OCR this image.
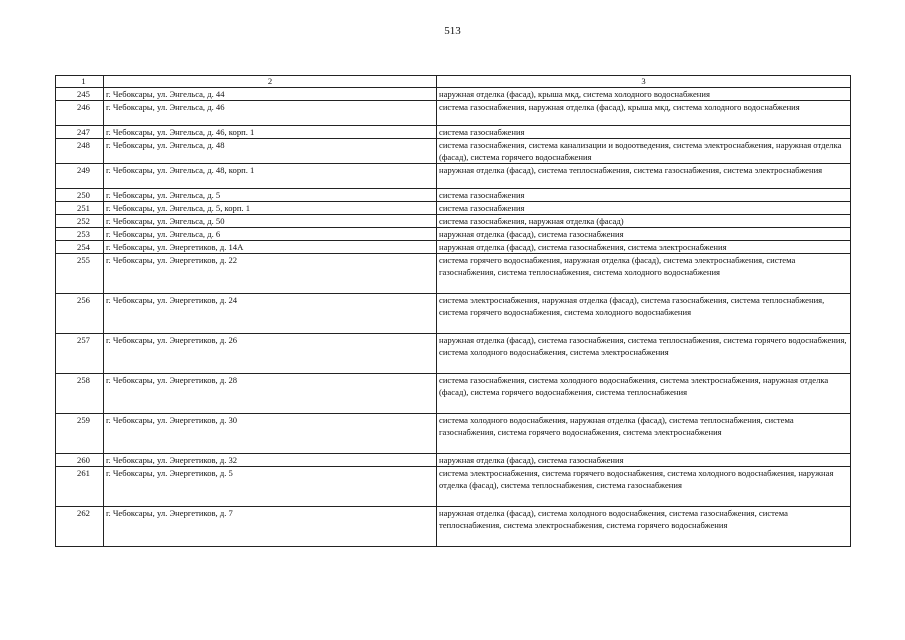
513
1	2	3
245	г. Чебоксары, ул. Энгельса, д. 44	наружная отделка (фасад), крыша мкд, система холодного водоснабжения
246	г. Чебоксары, ул. Энгельса, д. 46	система газоснабжения, наружная отделка (фасад), крыша мкд, система холодного водоснабжения
247	г. Чебоксары, ул. Энгельса, д. 46, корп. 1	система газоснабжения
248	г. Чебоксары, ул. Энгельса, д. 48	система газоснабжения, система канализации и водоотведения, система электроснабжения, наружная отделка (фасад), система горячего водоснабжения
249	г. Чебоксары, ул. Энгельса, д. 48, корп. 1	наружная отделка (фасад), система теплоснабжения, система газоснабжения, система электроснабжения
250	г. Чебоксары, ул. Энгельса, д. 5	система газоснабжения
251	г. Чебоксары, ул. Энгельса, д. 5, корп. 1	система газоснабжения
252	г. Чебоксары, ул. Энгельса, д. 50	система газоснабжения, наружная отделка (фасад)
253	г. Чебоксары, ул. Энгельса, д. 6	наружная отделка (фасад), система газоснабжения
254	г. Чебоксары, ул. Энергетиков, д. 14А	наружная отделка (фасад), система газоснабжения, система электроснабжения
255	г. Чебоксары, ул. Энергетиков, д. 22	система горячего водоснабжения, наружная отделка (фасад), система электроснабжения, система газоснабжения, система теплоснабжения, система холодного водоснабжения
256	г. Чебоксары, ул. Энергетиков, д. 24	система электроснабжения, наружная отделка (фасад), система газоснабжения, система теплоснабжения, система горячего водоснабжения, система холодного водоснабжения
257	г. Чебоксары, ул. Энергетиков, д. 26	наружная отделка (фасад), система газоснабжения, система теплоснабжения, система горячего водоснабжения, система холодного водоснабжения, система электроснабжения
258	г. Чебоксары, ул. Энергетиков, д. 28	система газоснабжения, система холодного водоснабжения, система электроснабжения, наружная отделка (фасад), система горячего водоснабжения, система теплоснабжения
259	г. Чебоксары, ул. Энергетиков, д. 30	система холодного водоснабжения, наружная отделка (фасад), система теплоснабжения, система газоснабжения, система горячего водоснабжения, система электроснабжения
260	г. Чебоксары, ул. Энергетиков, д. 32	наружная отделка (фасад), система газоснабжения
261	г. Чебоксары, ул. Энергетиков, д. 5	система электроснабжения, система горячего водоснабжения, система холодного водоснабжения, наружная отделка (фасад), система теплоснабжения, система газоснабжения
262	г. Чебоксары, ул. Энергетиков, д. 7	наружная отделка (фасад), система холодного водоснабжения, система газоснабжения, система теплоснабжения, система электроснабжения, система горячего водоснабжения
